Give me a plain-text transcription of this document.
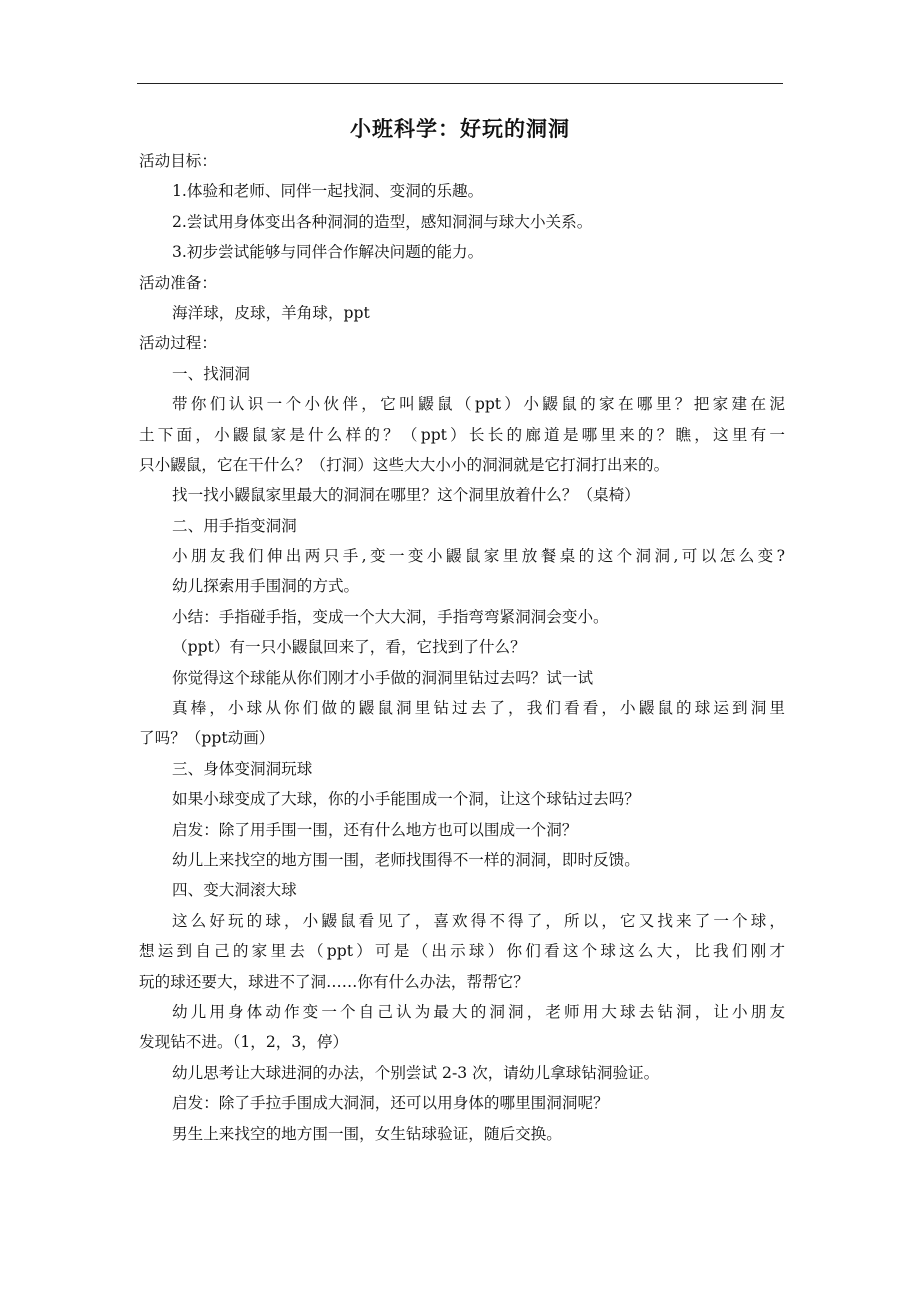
小班科学：好玩的洞洞
活动目标：
1.体验和老师、同伴一起找洞、变洞的乐趣。
2.尝试用身体变出各种洞洞的造型，感知洞洞与球大小关系。
3.初步尝试能够与同伴合作解决问题的能力。
活动准备：
海洋球，皮球，羊角球，ppt
活动过程：
一、找洞洞
带你们认识一个小伙伴，它叫鼹鼠（ppt）小鼹鼠的家在哪里？把家建在泥
土下面，小鼹鼠家是什么样的？（ppt）长长的廊道是哪里来的？瞧，这里有一
只小鼹鼠，它在干什么？（打洞）这些大大小小的洞洞就是它打洞打出来的。
找一找小鼹鼠家里最大的洞洞在哪里？这个洞里放着什么？（桌椅）
二、用手指变洞洞
小朋友我们伸出两只手,变一变小鼹鼠家里放餐桌的这个洞洞,可以怎么变?
幼儿探索用手围洞的方式。
小结：手指碰手指，变成一个大大洞，手指弯弯紧洞洞会变小。
（ppt）有一只小鼹鼠回来了，看，它找到了什么？
你觉得这个球能从你们刚才小手做的洞洞里钻过去吗？试一试
真棒，小球从你们做的鼹鼠洞里钻过去了，我们看看，小鼹鼠的球运到洞里
了吗？（ppt动画）
三、身体变洞洞玩球
如果小球变成了大球，你的小手能围成一个洞，让这个球钻过去吗？
启发：除了用手围一围，还有什么地方也可以围成一个洞？
幼儿上来找空的地方围一围，老师找围得不一样的洞洞，即时反馈。
四、变大洞滚大球
这么好玩的球，小鼹鼠看见了，喜欢得不得了，所以，它又找来了一个球，
想运到自己的家里去（ppt）可是（出示球）你们看这个球这么大，比我们刚才
玩的球还要大，球进不了洞……你有什么办法，帮帮它？
幼儿用身体动作变一个自己认为最大的洞洞，老师用大球去钻洞，让小朋友
发现钻不进。（1，2，3，停）
幼儿思考让大球进洞的办法，个别尝试 2-3 次，请幼儿拿球钻洞验证。
启发：除了手拉手围成大洞洞，还可以用身体的哪里围洞洞呢？
男生上来找空的地方围一围，女生钻球验证，随后交换。
